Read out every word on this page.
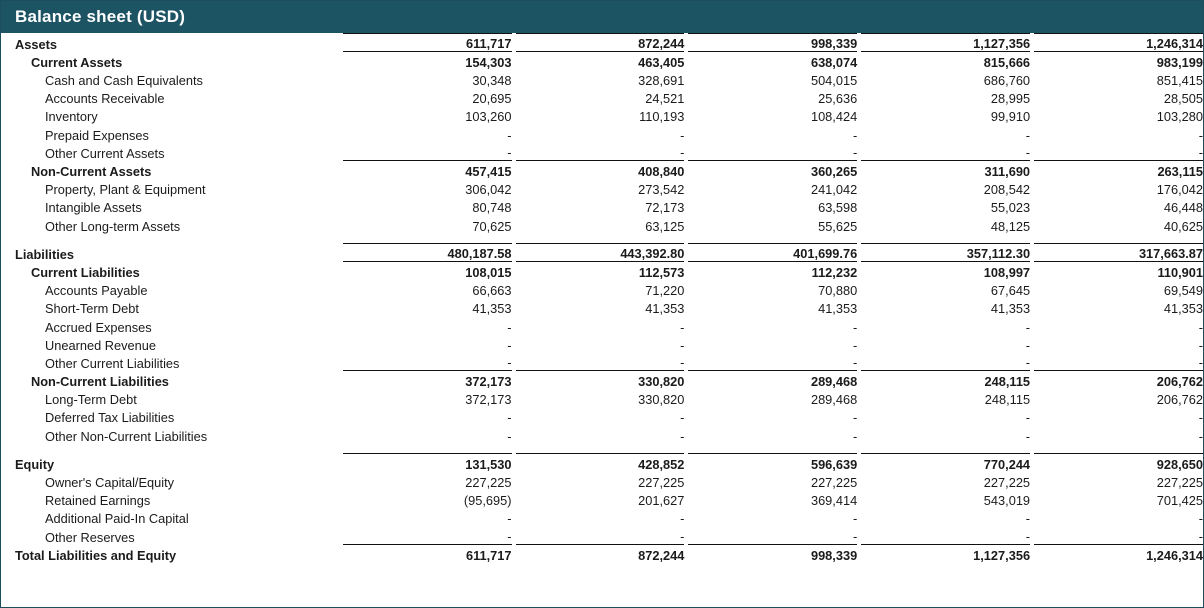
Balance sheet (USD)
Assets	611,717		872,244		998,339		1,127,356		1,246,314
Current Assets	154,303		463,405		638,074		815,666		983,199
Cash and Cash Equivalents	30,348		328,691		504,015		686,760		851,415
Accounts Receivable	20,695		24,521		25,636		28,995		28,505
Inventory	103,260		110,193		108,424		99,910		103,280
Prepaid Expenses	-		-		-		-		-
Other Current Assets	-		-		-		-		-
Non-Current Assets	457,415		408,840		360,265		311,690		263,115
Property, Plant & Equipment	306,042		273,542		241,042		208,542		176,042
Intangible Assets	80,748		72,173		63,598		55,023		46,448
Other Long-term Assets	70,625		63,125		55,625		48,125		40,625

Liabilities	480,187.58		443,392.80		401,699.76		357,112.30		317,663.87
Current Liabilities	108,015		112,573		112,232		108,997		110,901
Accounts Payable	66,663		71,220		70,880		67,645		69,549
Short-Term Debt	41,353		41,353		41,353		41,353		41,353
Accrued Expenses	-		-		-		-		-
Unearned Revenue	-		-		-		-		-
Other Current Liabilities	-		-		-		-		-
Non-Current Liabilities	372,173		330,820		289,468		248,115		206,762
Long-Term Debt	372,173		330,820		289,468		248,115		206,762
Deferred Tax Liabilities	-		-		-		-		-
Other Non-Current Liabilities	-		-		-		-		-

Equity	131,530		428,852		596,639		770,244		928,650
Owner's Capital/Equity	227,225		227,225		227,225		227,225		227,225
Retained Earnings	(95,695)		201,627		369,414		543,019		701,425
Additional Paid-In Capital	-		-		-		-		-
Other Reserves	-		-		-		-		-
Total Liabilities and Equity	611,717		872,244		998,339		1,127,356		1,246,314
